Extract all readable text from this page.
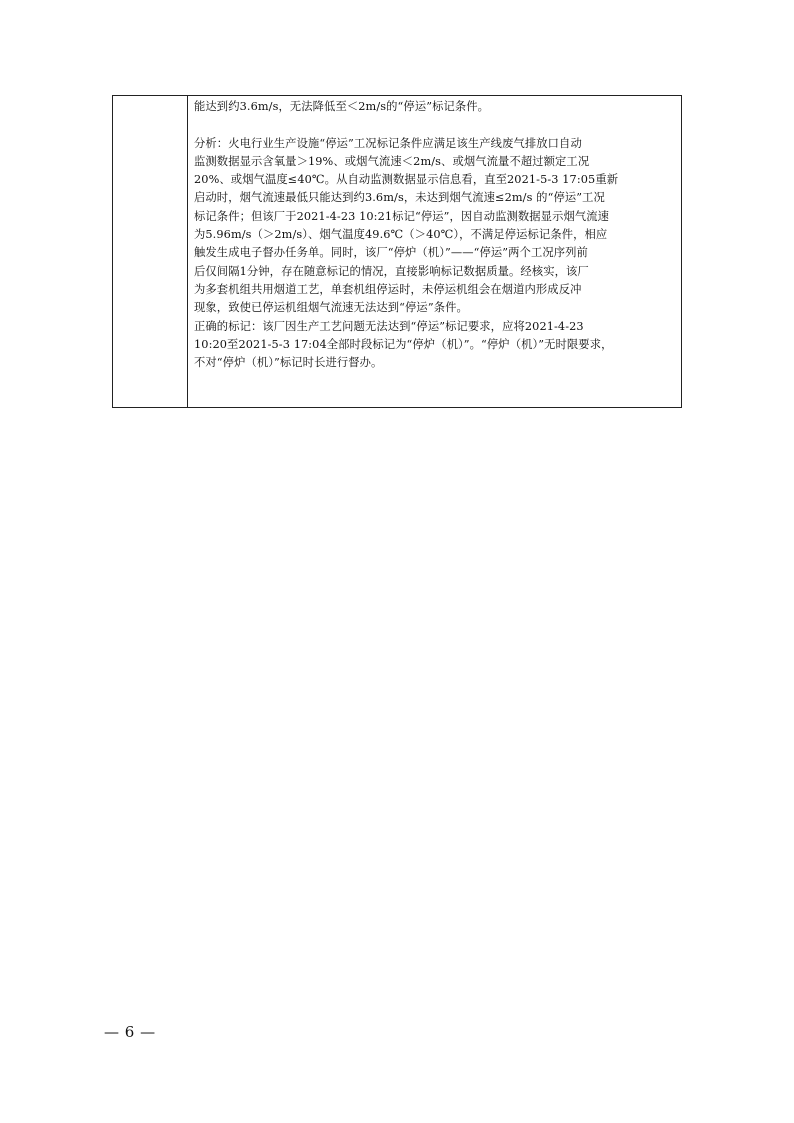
能达到约3.6m/s，无法降低至＜2m/s的“停运”标记条件。
分析：火电行业生产设施“停运”工况标记条件应满足该生产线废气排放口自动
监测数据显示含氧量＞19%、或烟气流速＜2m/s、或烟气流量不超过额定工况
20%、或烟气温度≤40℃。从自动监测数据显示信息看，直至2021-5-3 17:05重新
启动时，烟气流速最低只能达到约3.6m/s，未达到烟气流速≤2m/s 的“停运”工况
标记条件；但该厂于2021-4-23 10:21标记“停运”，因自动监测数据显示烟气流速
为5.96m/s（＞2m/s）、烟气温度49.6℃（＞40℃），不满足停运标记条件，相应
触发生成电子督办任务单。同时，该厂“停炉（机）”——“停运”两个工况序列前
后仅间隔1分钟，存在随意标记的情况，直接影响标记数据质量。经核实，该厂
为多套机组共用烟道工艺，单套机组停运时，未停运机组会在烟道内形成反冲
现象，致使已停运机组烟气流速无法达到“停运”条件。
正确的标记：该厂因生产工艺问题无法达到“停运”标记要求，应将2021-4-23
10:20至2021-5-3 17:04全部时段标记为“停炉（机）”。“停炉（机）”无时限要求，
不对“停炉（机）”标记时长进行督办。
— 6 —
